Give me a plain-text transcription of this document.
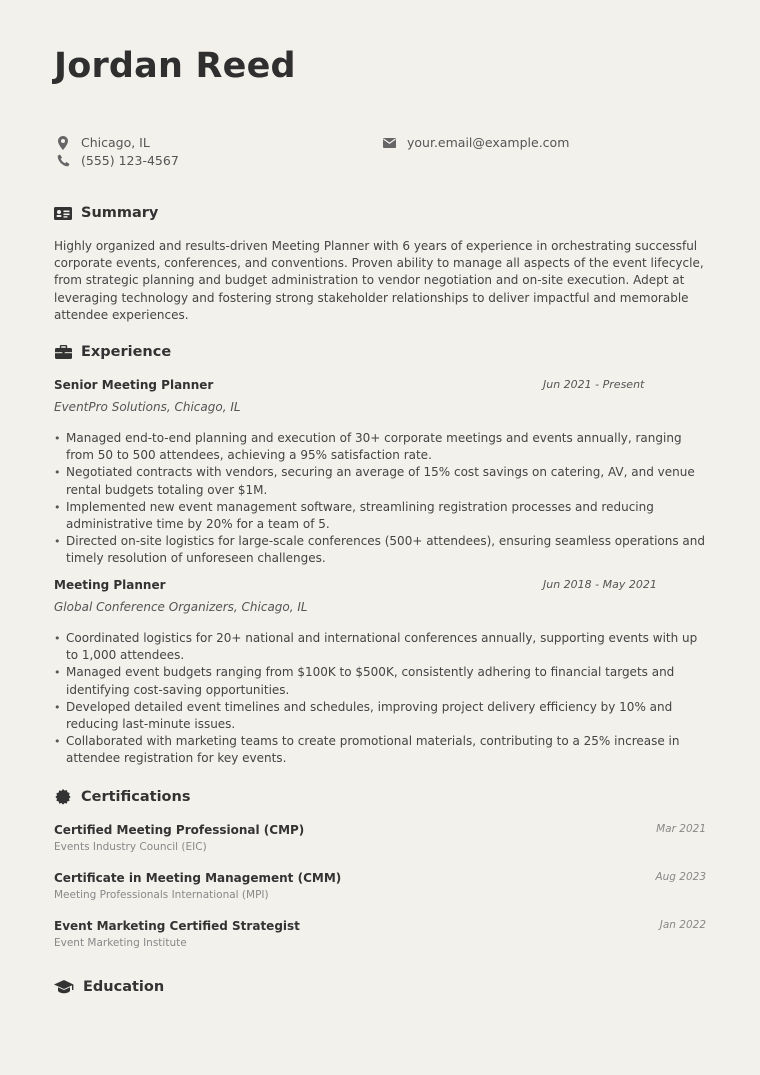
Jordan Reed
Chicago, IL
(555) 123-4567
your.email@example.com
Summary

Highly organized and results-driven Meeting Planner with 6 years of experience in orchestrating successful corporate events, conferences, and conventions. Proven ability to manage all aspects of the event lifecycle, from strategic planning and budget administration to vendor negotiation and on-site execution. Adept at leveraging technology and fostering strong stakeholder relationships to deliver impactful and memorable attendee experiences.

Experience
Senior Meeting Planner	Jun 2021 - Present
EventPro Solutions, Chicago, IL
• Managed end-to-end planning and execution of 30+ corporate meetings and events annually, ranging from 50 to 500 attendees, achieving a 95% satisfaction rate.
• Negotiated contracts with vendors, securing an average of 15% cost savings on catering, AV, and venue rental budgets totaling over $1M.
• Implemented new event management software, streamlining registration processes and reducing administrative time by 20% for a team of 5.
• Directed on-site logistics for large-scale conferences (500+ attendees), ensuring seamless operations and timely resolution of unforeseen challenges.
Meeting Planner	Jun 2018 - May 2021
Global Conference Organizers, Chicago, IL
• Coordinated logistics for 20+ national and international conferences annually, supporting events with up to 1,000 attendees.
• Managed event budgets ranging from $100K to $500K, consistently adhering to financial targets and identifying cost-saving opportunities.
• Developed detailed event timelines and schedules, improving project delivery efficiency by 10% and reducing last-minute issues.
• Collaborated with marketing teams to create promotional materials, contributing to a 25% increase in attendee registration for key events.
Certifications
Certified Meeting Professional (CMP)	Mar 2021
Events Industry Council (EIC)
Certificate in Meeting Management (CMM)	Aug 2023
Meeting Professionals International (MPI)
Event Marketing Certified Strategist	Jan 2022
Event Marketing Institute
Education
